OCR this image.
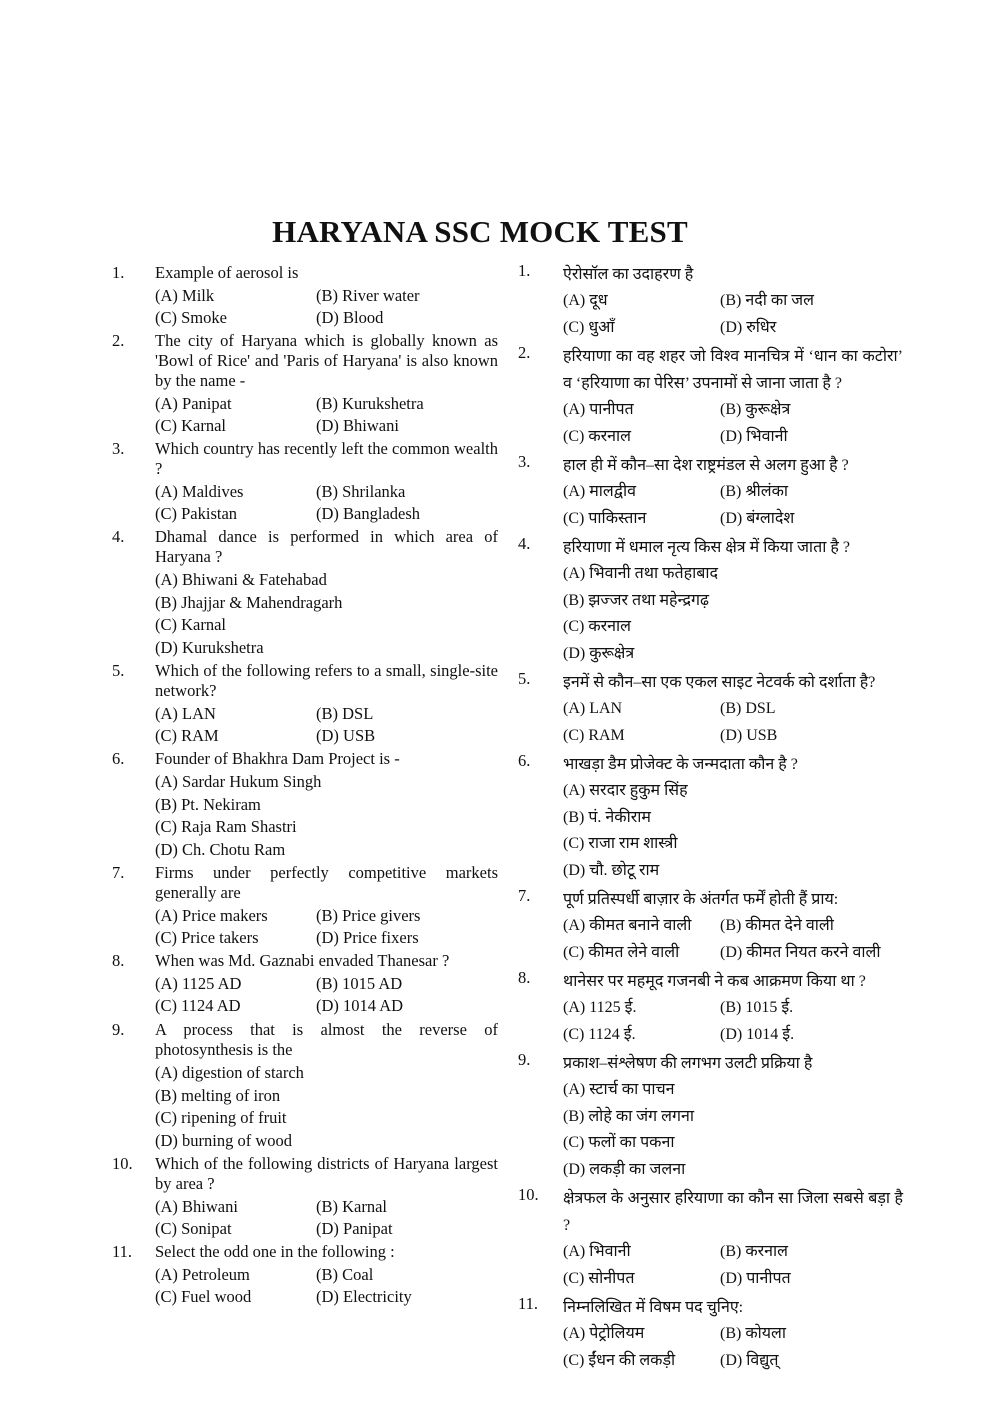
HARYANA SSC MOCK TEST
1. Example of aerosol is
(A) Milk	(B) River water
(C) Smoke	(D) Blood
2. The city of Haryana which is globally known as 'Bowl of Rice' and 'Paris of Haryana' is also known by the name -
(A) Panipat	(B) Kurukshetra
(C) Karnal	(D) Bhiwani
3. Which country has recently left the common wealth ?
(A) Maldives	(B) Shrilanka
(C) Pakistan	(D) Bangladesh
4. Dhamal dance is performed in which area of Haryana ?
(A) Bhiwani & Fatehabad
(B) Jhajjar & Mahendragarh
(C) Karnal
(D) Kurukshetra
5. Which of the following refers to a small, single-site network?
(A) LAN	(B) DSL
(C) RAM	(D) USB
6. Founder of Bhakhra Dam Project is -
(A) Sardar Hukum Singh
(B) Pt. Nekiram
(C) Raja Ram Shastri
(D) Ch. Chotu Ram
7. Firms under perfectly competitive markets generally are
(A) Price makers	(B) Price givers
(C) Price takers	(D) Price fixers
8. When was Md. Gaznabi envaded Thanesar ?
(A) 1125 AD	(B) 1015 AD
(C) 1124 AD	(D) 1014 AD
9. A process that is almost the reverse of photosynthesis is the
(A) digestion of starch
(B) melting of iron
(C) ripening of fruit
(D) burning of wood
10. Which of the following districts of Haryana largest by area ?
(A) Bhiwani	(B) Karnal
(C) Sonipat	(D) Panipat
11. Select the odd one in the following :
(A) Petroleum	(B) Coal
(C) Fuel wood	(D) Electricity
1. ऐरोसॉल का उदाहरण है
(A) दूध	(B) नदी का जल
(C) धुआँ	(D) रुधिर
2. हरियाणा का वह शहर जो विश्व मानचित्र में ‘धान का कटोरा’ व ‘हरियाणा का पेरिस’ उपनामों से जाना जाता है ?
(A) पानीपत	(B) कुरूक्षेत्र
(C) करनाल	(D) भिवानी
3. हाल ही में कौन–सा देश राष्ट्रमंडल से अलग हुआ है ?
(A) मालद्वीव	(B) श्रीलंका
(C) पाकिस्तान	(D) बंग्लादेश
4. हरियाणा में धमाल नृत्य किस क्षेत्र में किया जाता है ?
(A) भिवानी तथा फतेहाबाद
(B) झज्जर तथा महेन्द्रगढ़
(C) करनाल
(D) कुरूक्षेत्र
5. इनमें से कौन–सा एक एकल साइट नेटवर्क को दर्शाता है?
(A) LAN	(B) DSL
(C) RAM	(D) USB
6. भाखड़ा डैम प्रोजेक्ट के जन्मदाता कौन है ?
(A) सरदार हुकुम सिंह
(B) पं. नेकीराम
(C) राजा राम शास्त्री
(D) चौ. छोटू राम
7. पूर्ण प्रतिस्पर्धी बाज़ार के अंतर्गत फर्में होती हैं प्राय:
(A) कीमत बनाने वाली	(B) कीमत देने वाली
(C) कीमत लेने वाली	(D) कीमत नियत करने वाली
8. थानेसर पर महमूद गजनबी ने कब आक्रमण किया था ?
(A) 1125 ई.	(B) 1015 ई.
(C) 1124 ई.	(D) 1014 ई.
9. प्रकाश–संश्लेषण की लगभग उलटी प्रक्रिया है
(A) स्टार्च का पाचन
(B) लोहे का जंग लगना
(C) फलों का पकना
(D) लकड़ी का जलना
10. क्षेत्रफल के अनुसार हरियाणा का कौन सा जिला सबसे बड़ा है ?
(A) भिवानी	(B) करनाल
(C) सोनीपत	(D) पानीपत
11. निम्नलिखित में विषम पद चुनिए:
(A) पेट्रोलियम	(B) कोयला
(C) ईंधन की लकड़ी	(D) विद्युत्
